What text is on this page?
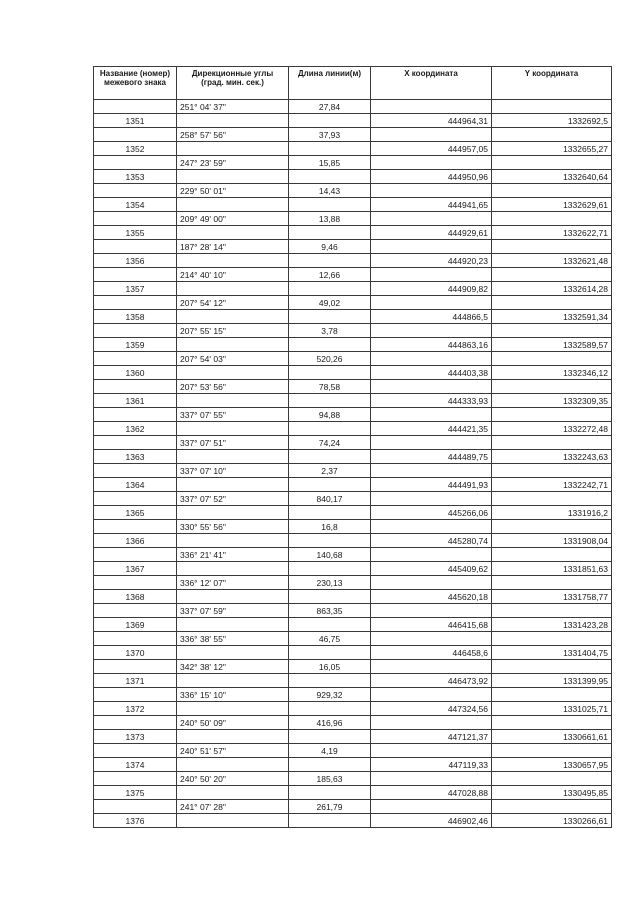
Название (номер) межевого знака	Дирекционные углы (град. мин. сек.)	Длина линии(м)	Х координата	Y координата
	251° 04' 37"	27,84		
1351			444964,31	1332692,5
	258° 57' 56"	37,93		
1352			444957,05	1332655,27
	247° 23' 59"	15,85		
1353			444950,96	1332640,64
	229° 50' 01"	14,43		
1354			444941,65	1332629,61
	209° 49' 00"	13,88		
1355			444929,61	1332622,71
	187° 28' 14"	9,46		
1356			444920,23	1332621,48
	214° 40' 10"	12,66		
1357			444909,82	1332614,28
	207° 54' 12"	49,02		
1358			444866,5	1332591,34
	207° 55' 15"	3,78		
1359			444863,16	1332589,57
	207° 54' 03"	520,26		
1360			444403,38	1332346,12
	207° 53' 56"	78,58		
1361			444333,93	1332309,35
	337° 07' 55"	94,88		
1362			444421,35	1332272,48
	337° 07' 51"	74,24		
1363			444489,75	1332243,63
	337° 07' 10"	2,37		
1364			444491,93	1332242,71
	337° 07' 52"	840,17		
1365			445266,06	1331916,2
	330° 55' 56"	16,8		
1366			445280,74	1331908,04
	336° 21' 41"	140,68		
1367			445409,62	1331851,63
	336° 12' 07"	230,13		
1368			445620,18	1331758,77
	337° 07' 59"	863,35		
1369			446415,68	1331423,28
	336° 38' 55"	46,75		
1370			446458,6	1331404,75
	342° 38' 12"	16,05		
1371			446473,92	1331399,95
	336° 15' 10"	929,32		
1372			447324,56	1331025,71
	240° 50' 09"	416,96		
1373			447121,37	1330661,61
	240° 51' 57"	4,19		
1374			447119,33	1330657,95
	240° 50' 20"	185,63		
1375			447028,88	1330495,85
	241° 07' 28"	261,79		
1376			446902,46	1330266,61
